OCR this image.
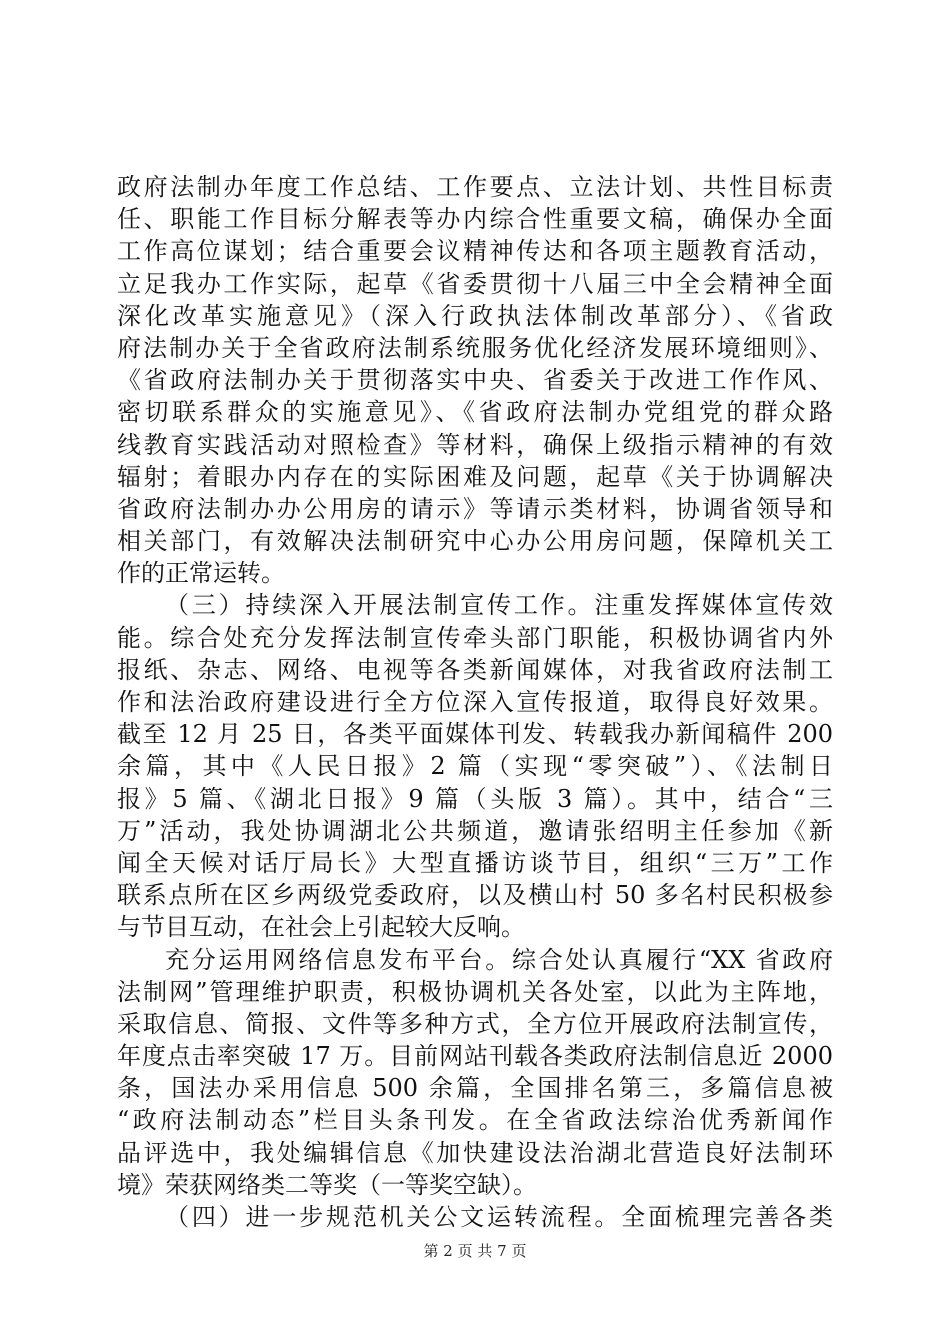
政府法制办年度工作总结、工作要点、立法计划、共性目标责
任、职能工作目标分解表等办内综合性重要文稿，确保办全面
工作高位谋划；结合重要会议精神传达和各项主题教育活动，
立足我办工作实际，起草《省委贯彻十八届三中全会精神全面
深化改革实施意见》（深入行政执法体制改革部分）、《省政
府法制办关于全省政府法制系统服务优化经济发展环境细则》、
《省政府法制办关于贯彻落实中央、省委关于改进工作作风、
密切联系群众的实施意见》、《省政府法制办党组党的群众路
线教育实践活动对照检查》等材料，确保上级指示精神的有效
辐射；着眼办内存在的实际困难及问题，起草《关于协调解决
省政府法制办办公用房的请示》等请示类材料，协调省领导和
相关部门，有效解决法制研究中心办公用房问题，保障机关工
作的正常运转。
（三）持续深入开展法制宣传工作。注重发挥媒体宣传效
能。综合处充分发挥法制宣传牵头部门职能，积极协调省内外
报纸、杂志、网络、电视等各类新闻媒体，对我省政府法制工
作和法治政府建设进行全方位深入宣传报道，取得良好效果。
截至 12 月 25 日，各类平面媒体刊发、转载我办新闻稿件 200
余篇，其中《人民日报》2 篇（实现“零突破”）、《法制日
报》5 篇、《湖北日报》9 篇（头版 3 篇）。其中，结合“三
万”活动，我处协调湖北公共频道，邀请张绍明主任参加《新
闻全天候对话厅局长》大型直播访谈节目，组织“三万”工作
联系点所在区乡两级党委政府，以及横山村 50 多名村民积极参
与节目互动，在社会上引起较大反响。
充分运用网络信息发布平台。综合处认真履行“XX 省政府
法制网”管理维护职责，积极协调机关各处室，以此为主阵地，
采取信息、简报、文件等多种方式，全方位开展政府法制宣传，
年度点击率突破 17 万。目前网站刊载各类政府法制信息近 2000
条，国法办采用信息 500 余篇，全国排名第三，多篇信息被
“政府法制动态”栏目头条刊发。在全省政法综治优秀新闻作
品评选中，我处编辑信息《加快建设法治湖北营造良好法制环
境》荣获网络类二等奖（一等奖空缺）。
（四）进一步规范机关公文运转流程。全面梳理完善各类
第 2 页 共 7 页
